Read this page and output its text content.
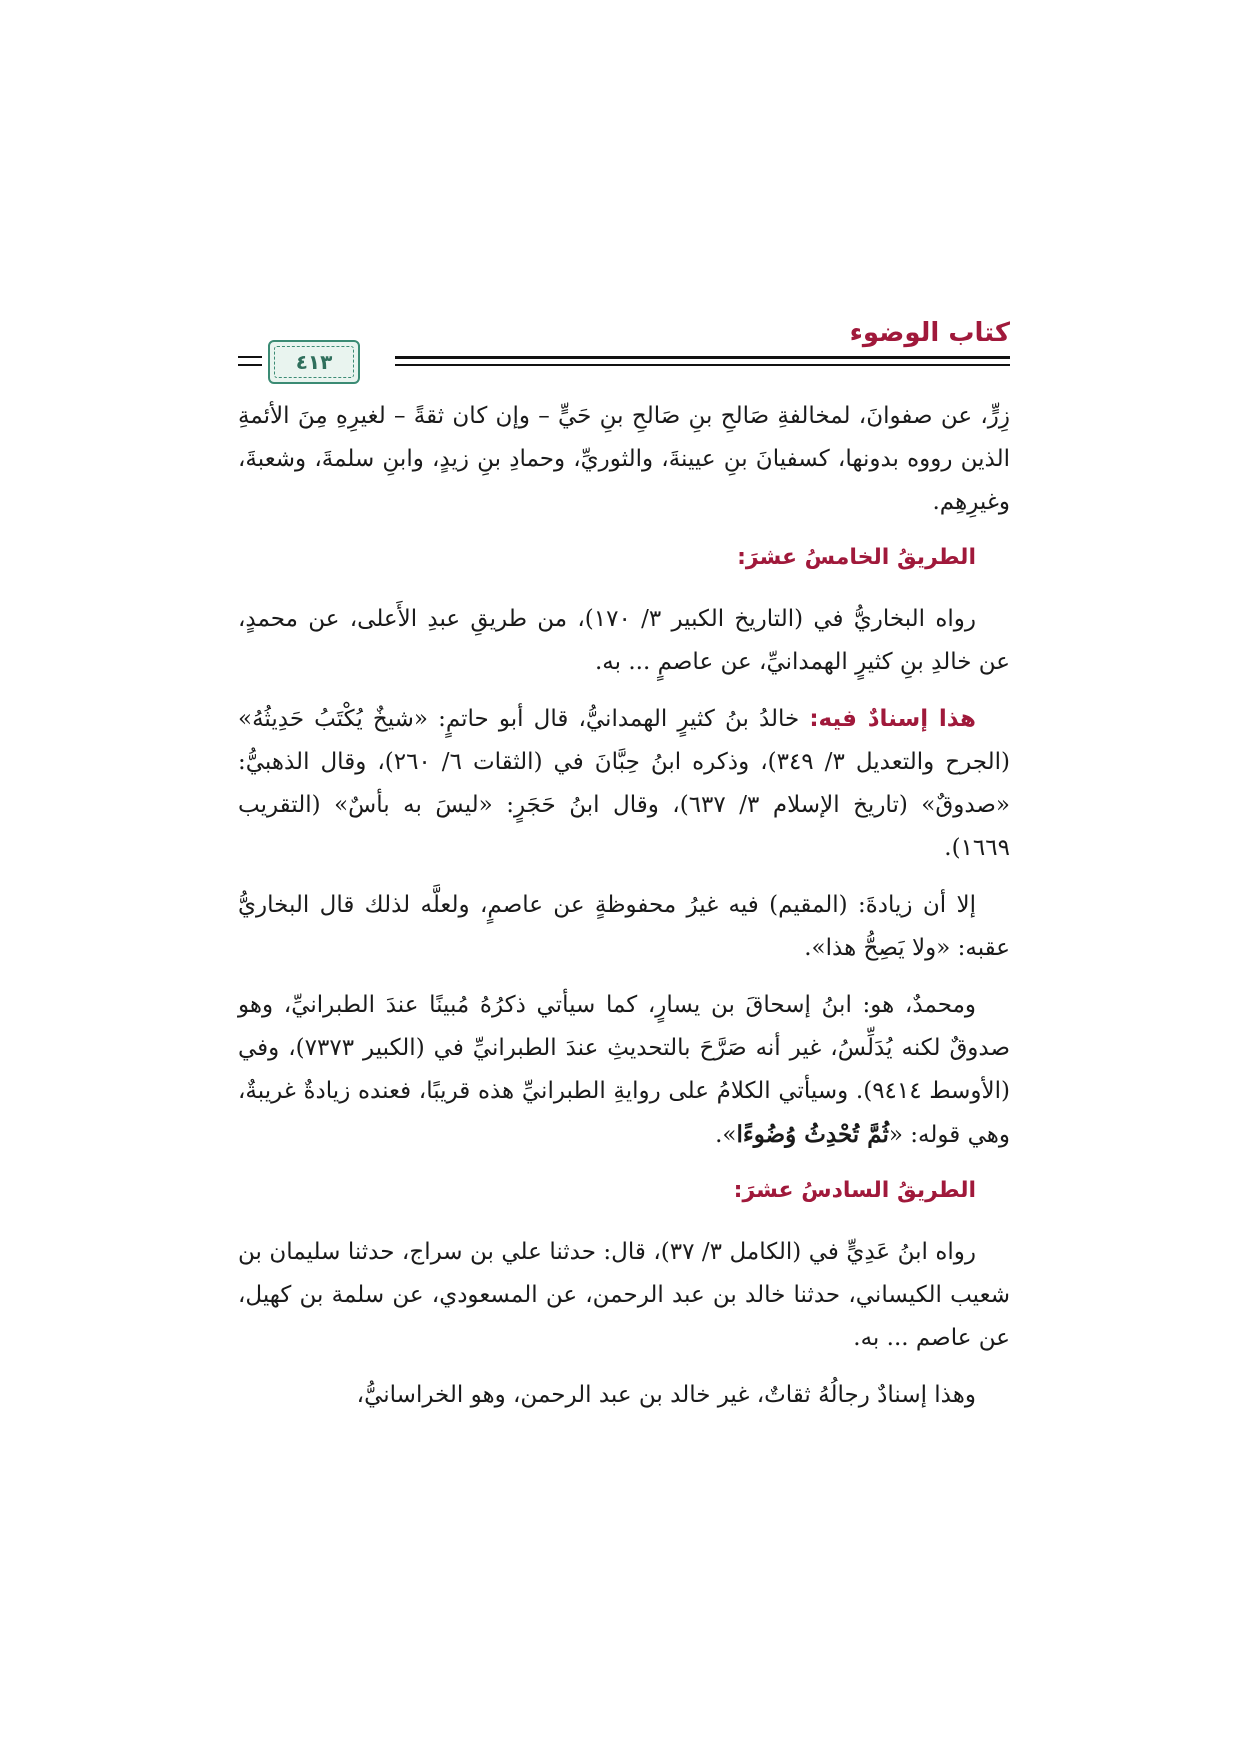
كتاب الوضوء
٤١٣

زِرٍّ، عن صفوانَ، لمخالفةِ صَالحِ بنِ صَالحِ بنِ حَيٍّ – وإن كان ثقةً – لغيرِهِ مِنَ الأئمةِ الذين رووه بدونها، كسفيانَ بنِ عيينةَ، والثوريِّ، وحمادِ بنِ زيدٍ، وابنِ سلمةَ، وشعبةَ، وغيرِهِم.

الطريقُ الخامسُ عشرَ:

رواه البخاريُّ في (التاريخ الكبير ٣/ ١٧٠)، من طريقِ عبدِ الأَعلى، عن محمدٍ، عن خالدِ بنِ كثيرٍ الهمدانيِّ، عن عاصمٍ ... به.

هذا إسنادٌ فيه: خالدُ بنُ كثيرٍ الهمدانيُّ، قال أبو حاتمٍ: «شيخٌ يُكْتَبُ حَدِيثُهُ» (الجرح والتعديل ٣/ ٣٤٩)، وذكره ابنُ حِبَّانَ في (الثقات ٦/ ٢٦٠)، وقال الذهبيُّ: «صدوقٌ» (تاريخ الإسلام ٣/ ٦٣٧)، وقال ابنُ حَجَرٍ: «ليسَ به بأسٌ» (التقريب ١٦٦٩).

إلا أن زيادةَ: (المقيم) فيه غيرُ محفوظةٍ عن عاصمٍ، ولعلَّه لذلك قال البخاريُّ عقبه: «ولا يَصِحُّ هذا».

ومحمدٌ، هو: ابنُ إسحاقَ بن يسارٍ، كما سيأتي ذكرُهُ مُبينًا عندَ الطبرانيِّ، وهو صدوقٌ لكنه يُدَلِّسُ، غير أنه صَرَّحَ بالتحديثِ عندَ الطبرانيِّ في (الكبير ٧٣٧٣)، وفي (الأوسط ٩٤١٤). وسيأتي الكلامُ على روايةِ الطبرانيِّ هذه قريبًا، فعنده زيادةٌ غريبةٌ، وهي قوله: «ثُمَّ تُحْدِثُ وُضُوءًا».

الطريقُ السادسُ عشرَ:

رواه ابنُ عَدِيٍّ في (الكامل ٣/ ٣٧)، قال: حدثنا علي بن سراج، حدثنا سليمان بن شعيب الكيساني، حدثنا خالد بن عبد الرحمن، عن المسعودي، عن سلمة بن كهيل، عن عاصم ... به.

وهذا إسنادٌ رجالُهُ ثقاتٌ، غير خالد بن عبد الرحمن، وهو الخراسانيُّ،
